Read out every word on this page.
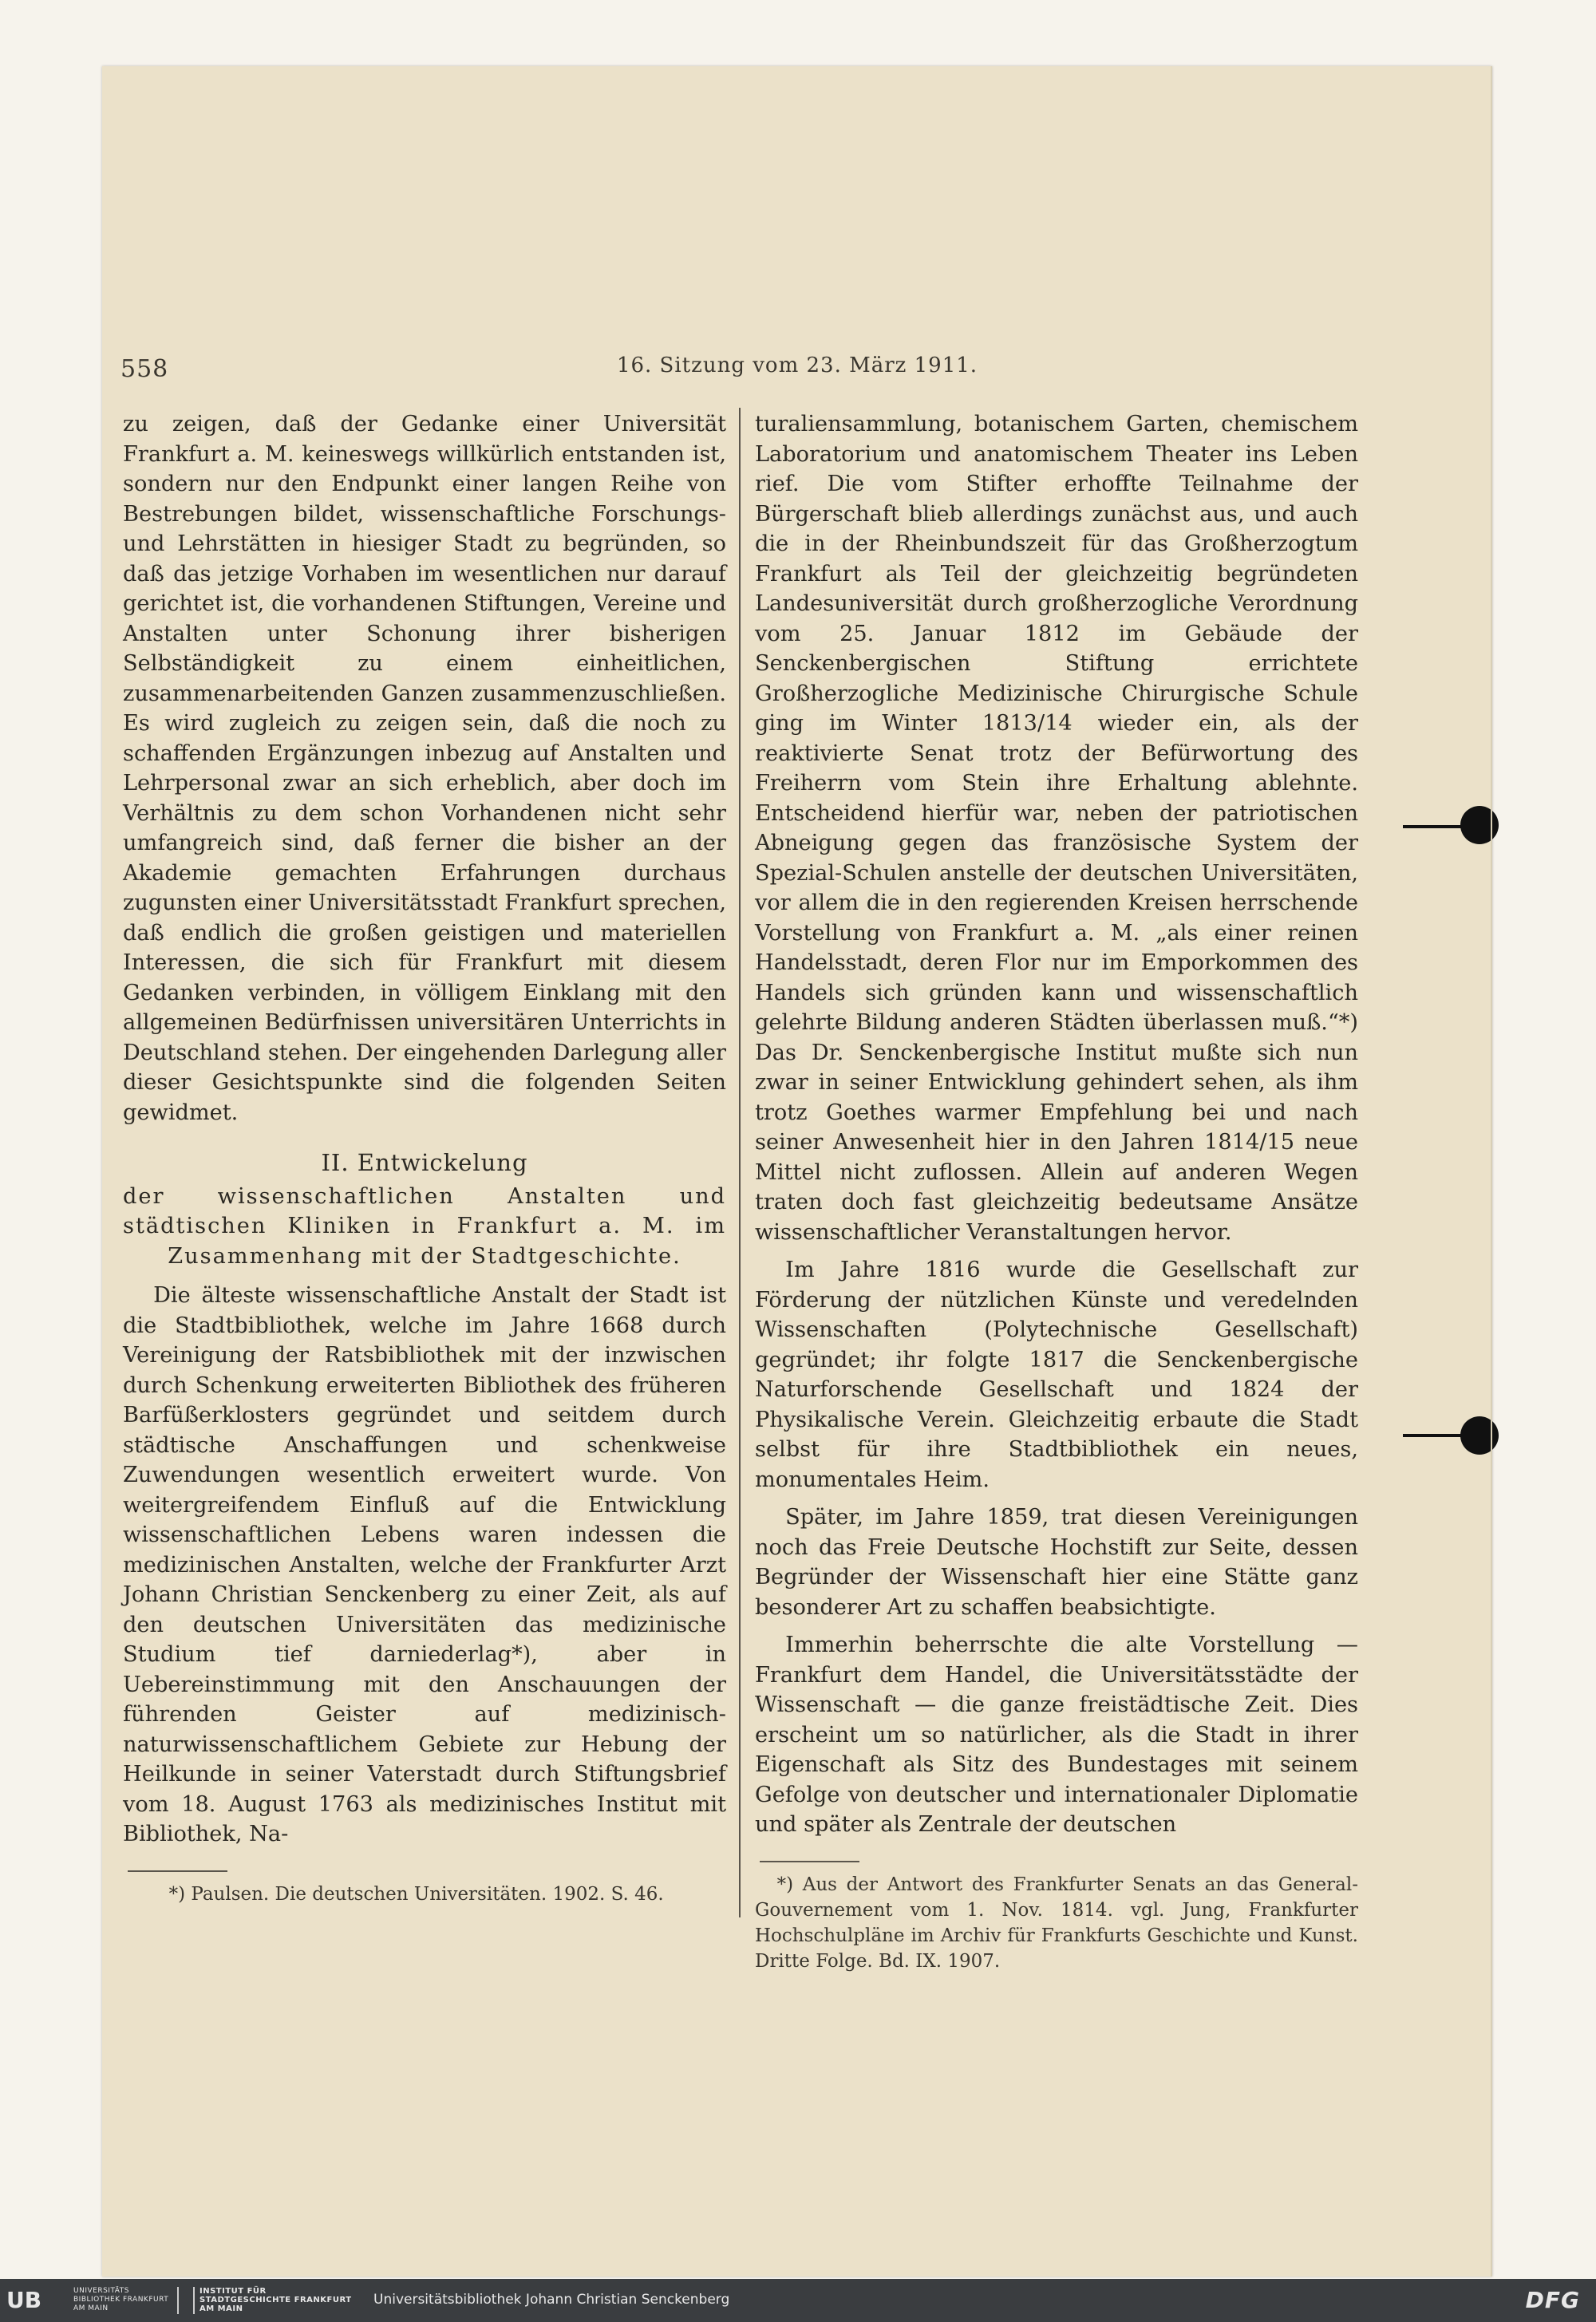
558	16. Sitzung vom 23. März 1911.

zu zeigen, daß der Gedanke einer Universität Frankfurt a. M. keineswegs willkürlich entstanden ist, sondern nur den Endpunkt einer langen Reihe von Bestrebungen bildet, wissenschaftliche Forschungs- und Lehrstätten in hiesiger Stadt zu begründen, so daß das jetzige Vorhaben im wesentlichen nur darauf gerichtet ist, die vorhandenen Stiftungen, Vereine und Anstalten unter Schonung ihrer bisherigen Selbständigkeit zu einem einheitlichen, zusammenarbeitenden Ganzen zusammenzuschließen. Es wird zugleich zu zeigen sein, daß die noch zu schaffenden Ergänzungen inbezug auf Anstalten und Lehrpersonal zwar an sich erheblich, aber doch im Verhältnis zu dem schon Vorhandenen nicht sehr umfangreich sind, daß ferner die bisher an der Akademie gemachten Erfahrungen durchaus zugunsten einer Universitätsstadt Frankfurt sprechen, daß endlich die großen geistigen und materiellen Interessen, die sich für Frankfurt mit diesem Gedanken verbinden, in völligem Einklang mit den allgemeinen Bedürfnissen universitären Unterrichts in Deutschland stehen. Der eingehenden Darlegung aller dieser Gesichtspunkte sind die folgenden Seiten gewidmet.

II. Entwickelung
der wissenschaftlichen Anstalten und städtischen Kliniken in Frankfurt a. M. im Zusammenhang mit der Stadtgeschichte.

Die älteste wissenschaftliche Anstalt der Stadt ist die Stadtbibliothek, welche im Jahre 1668 durch Vereinigung der Ratsbibliothek mit der inzwischen durch Schenkung erweiterten Bibliothek des früheren Barfüßerklosters gegründet und seitdem durch städtische Anschaffungen und schenkweise Zuwendungen wesentlich erweitert wurde. Von weitergreifendem Einfluß auf die Entwicklung wissenschaftlichen Lebens waren indessen die medizinischen Anstalten, welche der Frankfurter Arzt Johann Christian Senckenberg zu einer Zeit, als auf den deutschen Universitäten das medizinische Studium tief darniederlag*), aber in Uebereinstimmung mit den Anschauungen der führenden Geister auf medizinisch-naturwissenschaftlichem Gebiete zur Hebung der Heilkunde in seiner Vaterstadt durch Stiftungsbrief vom 18. August 1763 als medizinisches Institut mit Bibliothek, Na-

*) Paulsen. Die deutschen Universitäten. 1902. S. 46.

turaliensammlung, botanischem Garten, chemischem Laboratorium und anatomischem Theater ins Leben rief. Die vom Stifter erhoffte Teilnahme der Bürgerschaft blieb allerdings zunächst aus, und auch die in der Rheinbundszeit für das Großherzogtum Frankfurt als Teil der gleichzeitig begründeten Landesuniversität durch großherzogliche Verordnung vom 25. Januar 1812 im Gebäude der Senckenbergischen Stiftung errichtete Großherzogliche Medizinische Chirurgische Schule ging im Winter 1813/14 wieder ein, als der reaktivierte Senat trotz der Befürwortung des Freiherrn vom Stein ihre Erhaltung ablehnte. Entscheidend hierfür war, neben der patriotischen Abneigung gegen das französische System der Spezial-Schulen anstelle der deutschen Universitäten, vor allem die in den regierenden Kreisen herrschende Vorstellung von Frankfurt a. M. „als einer reinen Handelsstadt, deren Flor nur im Emporkommen des Handels sich gründen kann und wissenschaftlich gelehrte Bildung anderen Städten überlassen muß.“*) Das Dr. Senckenbergische Institut mußte sich nun zwar in seiner Entwicklung gehindert sehen, als ihm trotz Goethes warmer Empfehlung bei und nach seiner Anwesenheit hier in den Jahren 1814/15 neue Mittel nicht zuflossen. Allein auf anderen Wegen traten doch fast gleichzeitig bedeutsame Ansätze wissenschaftlicher Veranstaltungen hervor.

Im Jahre 1816 wurde die Gesellschaft zur Förderung der nützlichen Künste und veredelnden Wissenschaften (Polytechnische Gesellschaft) gegründet; ihr folgte 1817 die Senckenbergische Naturforschende Gesellschaft und 1824 der Physikalische Verein. Gleichzeitig erbaute die Stadt selbst für ihre Stadtbibliothek ein neues, monumentales Heim.

Später, im Jahre 1859, trat diesen Vereinigungen noch das Freie Deutsche Hochstift zur Seite, dessen Begründer der Wissenschaft hier eine Stätte ganz besonderer Art zu schaffen beabsichtigte.

Immerhin beherrschte die alte Vorstellung — Frankfurt dem Handel, die Universitätsstädte der Wissenschaft — die ganze freistädtische Zeit. Dies erscheint um so natürlicher, als die Stadt in ihrer Eigenschaft als Sitz des Bundestages mit seinem Gefolge von deutscher und internationaler Diplomatie und später als Zentrale der deutschen

*) Aus der Antwort des Frankfurter Senats an das General-Gouvernement vom 1. Nov. 1814. vgl. Jung, Frankfurter Hochschulpläne im Archiv für Frankfurts Geschichte und Kunst. Dritte Folge. Bd. IX. 1907.
UB	UNIVERSITÄTS BIBLIOTHEK FRANKFURT AM MAIN
INSTITUT FÜR STADTGESCHICHTE FRANKFURT AM MAIN
Universitätsbibliothek Johann Christian Senckenberg	DFG
